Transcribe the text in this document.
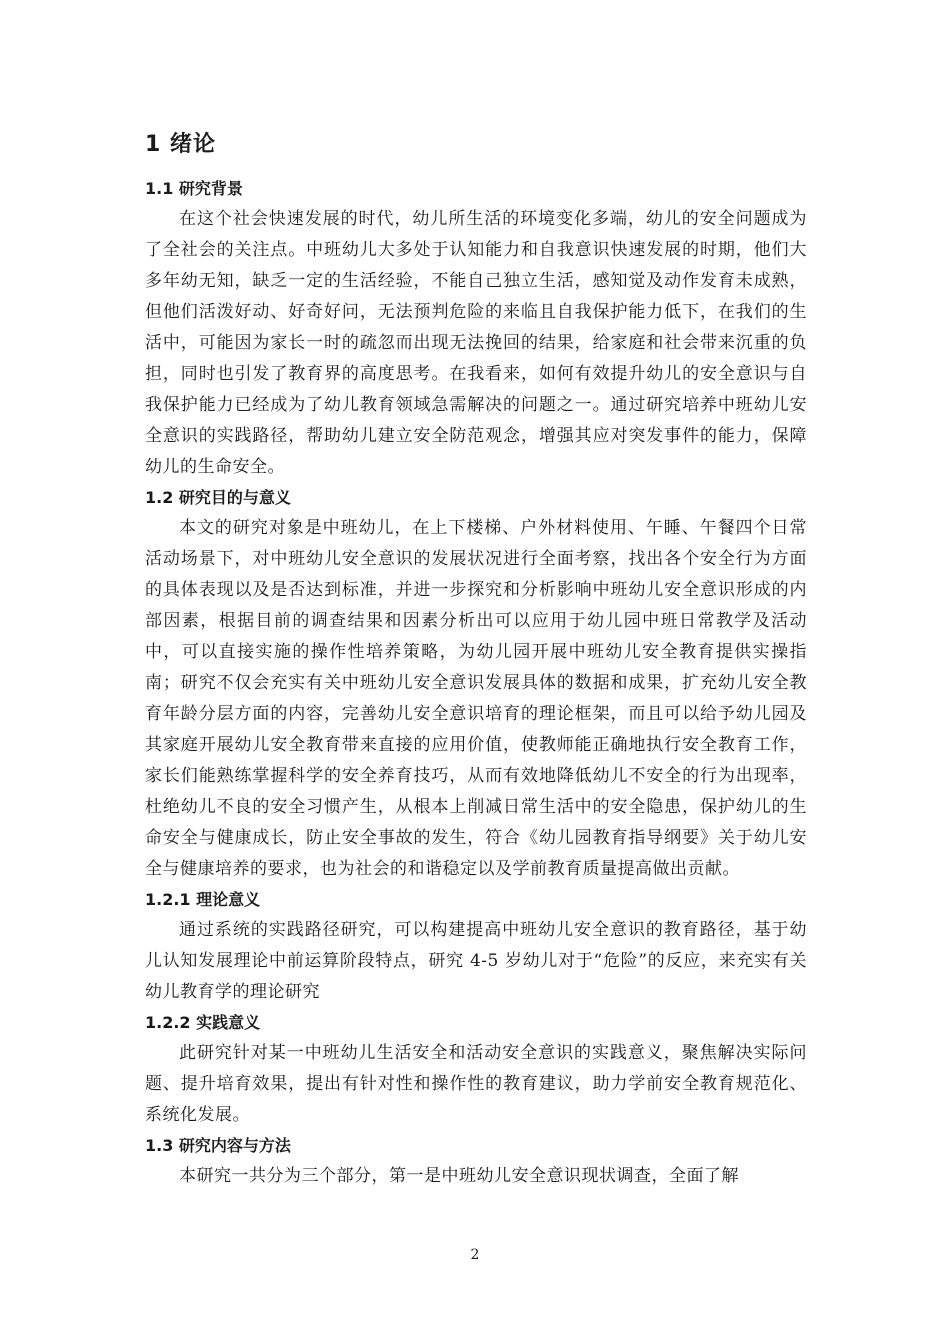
1 绪论
1.1 研究背景

在这个社会快速发展的时代，幼儿所生活的环境变化多端，幼儿的安全问题成为了全社会的关注点。中班幼儿大多处于认知能力和自我意识快速发展的时期，他们大多年幼无知，缺乏一定的生活经验，不能自己独立生活，感知觉及动作发育未成熟，但他们活泼好动、好奇好问，无法预判危险的来临且自我保护能力低下，在我们的生活中，可能因为家长一时的疏忽而出现无法挽回的结果，给家庭和社会带来沉重的负担，同时也引发了教育界的高度思考。在我看来，如何有效提升幼儿的安全意识与自我保护能力已经成为了幼儿教育领域急需解决的问题之一。通过研究培养中班幼儿安全意识的实践路径，帮助幼儿建立安全防范观念，增强其应对突发事件的能力，保障幼儿的生命安全。

1.2 研究目的与意义

本文的研究对象是中班幼儿，在上下楼梯、户外材料使用、午睡、午餐四个日常活动场景下，对中班幼儿安全意识的发展状况进行全面考察，找出各个安全行为方面的具体表现以及是否达到标准，并进一步探究和分析影响中班幼儿安全意识形成的内部因素，根据目前的调查结果和因素分析出可以应用于幼儿园中班日常教学及活动中，可以直接实施的操作性培养策略，为幼儿园开展中班幼儿安全教育提供实操指南；研究不仅会充实有关中班幼儿安全意识发展具体的数据和成果，扩充幼儿安全教育年龄分层方面的内容，完善幼儿安全意识培育的理论框架，而且可以给予幼儿园及其家庭开展幼儿安全教育带来直接的应用价值，使教师能正确地执行安全教育工作，家长们能熟练掌握科学的安全养育技巧，从而有效地降低幼儿不安全的行为出现率，杜绝幼儿不良的安全习惯产生，从根本上削减日常生活中的安全隐患，保护幼儿的生命安全与健康成长，防止安全事故的发生，符合《幼儿园教育指导纲要》关于幼儿安全与健康培养的要求，也为社会的和谐稳定以及学前教育质量提高做出贡献。

1.2.1 理论意义

通过系统的实践路径研究，可以构建提高中班幼儿安全意识的教育路径，基于幼儿认知发展理论中前运算阶段特点，研究 4-5 岁幼儿对于“危险”的反应，来充实有关幼儿教育学的理论研究

1.2.2 实践意义

此研究针对某一中班幼儿生活安全和活动安全意识的实践意义，聚焦解决实际问题、提升培育效果，提出有针对性和操作性的教育建议，助力学前安全教育规范化、系统化发展。

1.3 研究内容与方法

本研究一共分为三个部分，第一是中班幼儿安全意识现状调查，全面了解

2
